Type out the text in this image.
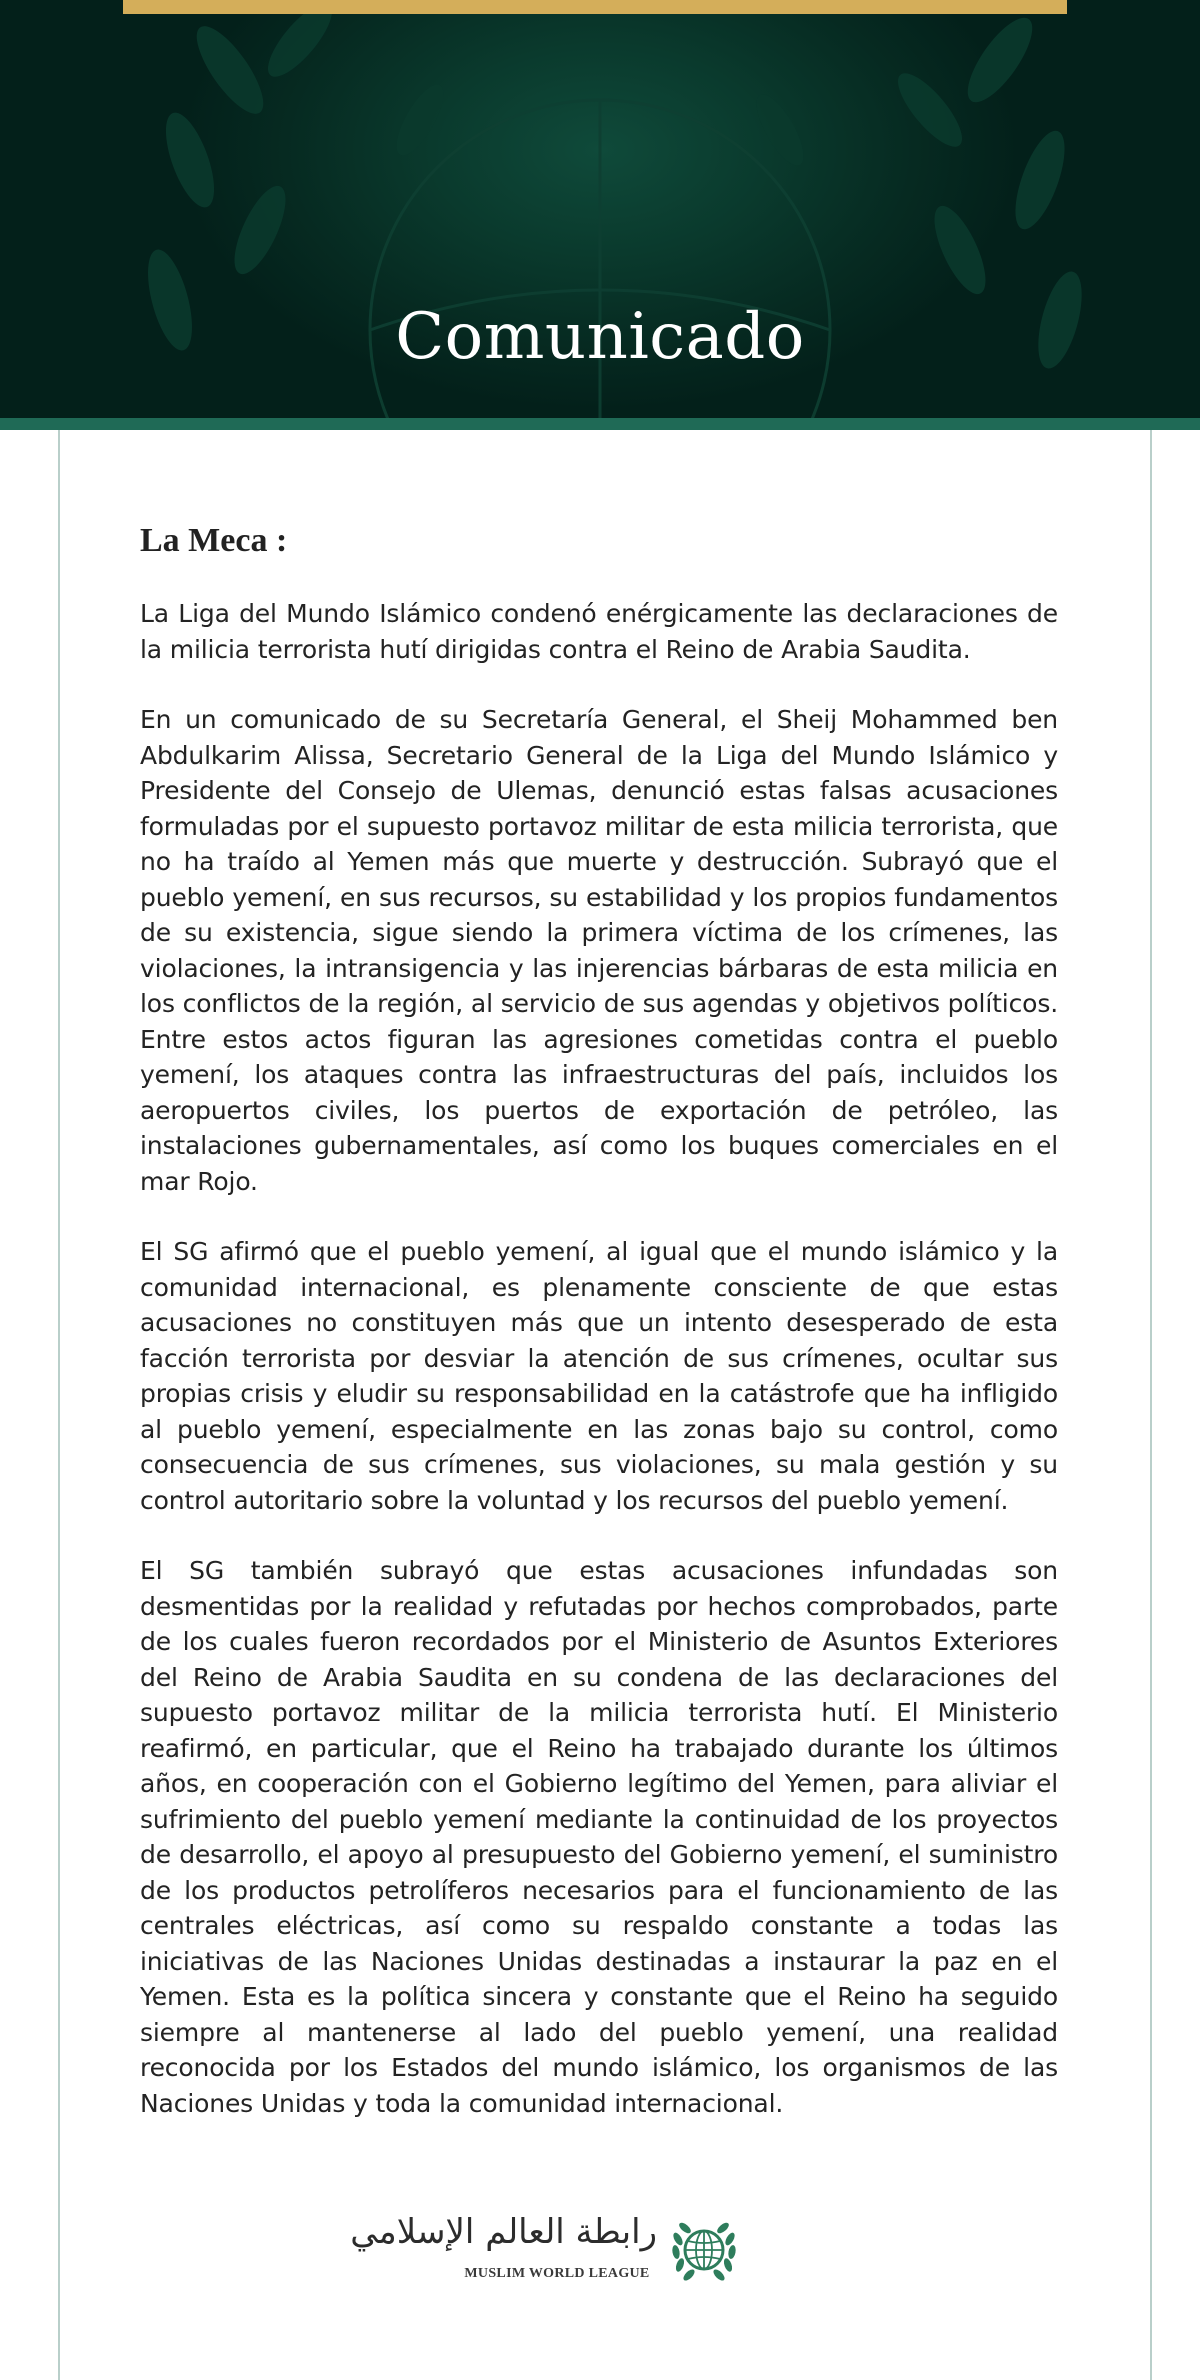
Comunicado
La Meca :

La Liga del Mundo Islámico condenó enérgicamente las declaraciones de la milicia terrorista hutí dirigidas contra el Reino de Arabia Saudita.

En un comunicado de su Secretaría General, el Sheij Mohammed ben Abdulkarim Alissa, Secretario General de la Liga del Mundo Islámico y Presidente del Consejo de Ulemas, denunció estas falsas acusaciones formuladas por el supuesto portavoz militar de esta milicia terrorista, que no ha traído al Yemen más que muerte y destrucción. Subrayó que el pueblo yemení, en sus recursos, su estabilidad y los propios fundamentos de su existencia, sigue siendo la primera víctima de los crímenes, las violaciones, la intransigencia y las injerencias bárbaras de esta milicia en los conflictos de la región, al servicio de sus agendas y objetivos políticos. Entre estos actos figuran las agresiones cometidas contra el pueblo yemení, los ataques contra las infraestructuras del país, incluidos los aeropuertos civiles, los puertos de exportación de petróleo, las instalaciones gubernamentales, así como los buques comerciales en el mar Rojo.

El SG afirmó que el pueblo yemení, al igual que el mundo islámico y la comunidad internacional, es plenamente consciente de que estas acusaciones no constituyen más que un intento desesperado de esta facción terrorista por desviar la atención de sus crímenes, ocultar sus propias crisis y eludir su responsabilidad en la catástrofe que ha infligido al pueblo yemení, especialmente en las zonas bajo su control, como consecuencia de sus crímenes, sus violaciones, su mala gestión y su control autoritario sobre la voluntad y los recursos del pueblo yemení.

El SG también subrayó que estas acusaciones infundadas son desmentidas por la realidad y refutadas por hechos comprobados, parte de los cuales fueron recordados por el Ministerio de Asuntos Exteriores del Reino de Arabia Saudita en su condena de las declaraciones del supuesto portavoz militar de la milicia terrorista hutí. El Ministerio reafirmó, en particular, que el Reino ha trabajado durante los últimos años, en cooperación con el Gobierno legítimo del Yemen, para aliviar el sufrimiento del pueblo yemení mediante la continuidad de los proyectos de desarrollo, el apoyo al presupuesto del Gobierno yemení, el suministro de los productos petrolíferos necesarios para el funcionamiento de las centrales eléctricas, así como su respaldo constante a todas las iniciativas de las Naciones Unidas destinadas a instaurar la paz en el Yemen. Esta es la política sincera y constante que el Reino ha seguido siempre al mantenerse al lado del pueblo yemení, una realidad reconocida por los Estados del mundo islámico, los organismos de las Naciones Unidas y toda la comunidad internacional.

رابطة العالم الإسلامي
MUSLIM WORLD LEAGUE
